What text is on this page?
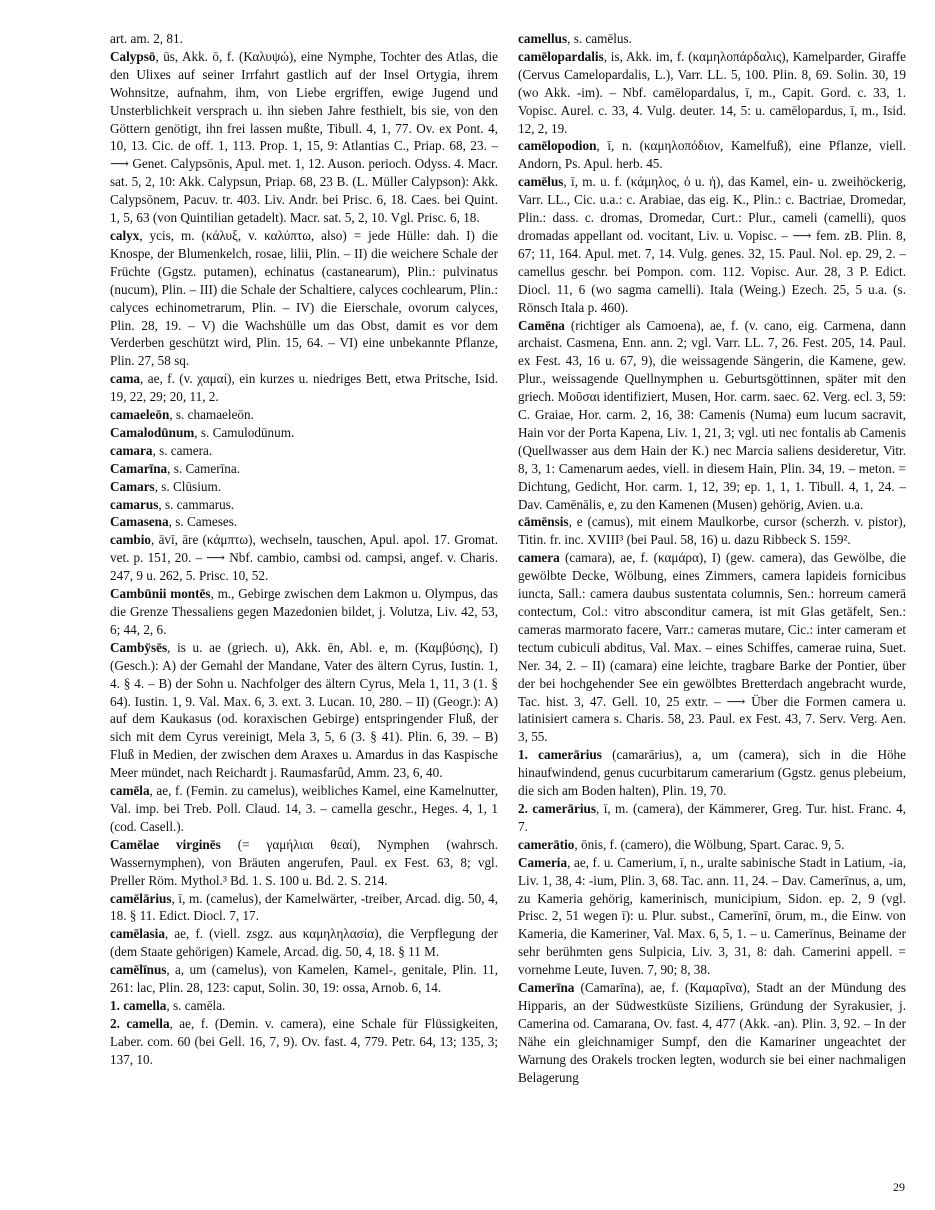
art. am. 2, 81.

Calypsō, ūs, Akk. ō, f. (Καλυψώ), eine Nymphe, Tochter des Atlas, die den Ulixes auf seiner Irrfahrt gastlich auf der Insel Ortygia, ihrem Wohnsitze, aufnahm, ihm, von Liebe ergriffen, ewige Jugend und Unsterblichkeit versprach u. ihn sieben Jahre festhielt, bis sie, von den Göttern genötigt, ihn frei lassen mußte, Tibull. 4, 1, 77. Ov. ex Pont. 4, 10, 13. Cic. de off. 1, 113. Prop. 1, 15, 9: Atlantias C., Priap. 68, 23. – ⟶ Genet. Calypsōnis, Apul. met. 1, 12. Auson. perioch. Odyss. 4. Macr. sat. 5, 2, 10: Akk. Calypsun, Priap. 68, 23 B. (L. Müller Calypson): Akk. Calypsōnem, Pacuv. tr. 403. Liv. Andr. bei Prisc. 6, 18. Caes. bei Quint. 1, 5, 63 (von Quintilian getadelt). Macr. sat. 5, 2, 10. Vgl. Prisc. 6, 18.

calyx, ycis, m. (κάλυξ, v. καλύπτω, also) = jede Hülle: dah. I) die Knospe, der Blumenkelch, rosae, lilii, Plin. – II) die weichere Schale der Früchte (Ggstz. putamen), echinatus (castanearum), Plin.: pulvinatus (nucum), Plin. – III) die Schale der Schaltiere, calyces cochlearum, Plin.: calyces echinometrarum, Plin. – IV) die Eierschale, ovorum calyces, Plin. 28, 19. – V) die Wachshülle um das Obst, damit es vor dem Verderben geschützt wird, Plin. 15, 64. – VI) eine unbekannte Pflanze, Plin. 27, 58 sq.

cama, ae, f. (v. χαμαί), ein kurzes u. niedriges Bett, etwa Pritsche, Isid. 19, 22, 29; 20, 11, 2.

camaeleōn, s. chamaeleōn.

Camalodūnum, s. Camulodūnum.

camara, s. camera.

Camarīna, s. Camerīna.

Camars, s. Clūsium.

camarus, s. cammarus.

Camasena, s. Cameses.

cambio, āvī, āre (κάμπτω), wechseln, tauschen, Apul. apol. 17. Gromat. vet. p. 151, 20. – ⟶ Nbf. cambio, cambsi od. campsi, angef. v. Charis. 247, 9 u. 262, 5. Prisc. 10, 52.

Cambūnii montēs, m., Gebirge zwischen dem Lakmon u. Olympus, das die Grenze Thessaliens gegen Mazedonien bildet, j. Volutza, Liv. 42, 53, 6; 44, 2, 6.

Cambȳsēs, is u. ae (griech. u), Akk. ēn, Abl. e, m. (Καμβύσης), I) (Gesch.): A) der Gemahl der Mandane, Vater des ältern Cyrus, Iustin. 1, 4. § 4. – B) der Sohn u. Nachfolger des ältern Cyrus, Mela 1, 11, 3 (1. § 64). Iustin. 1, 9. Val. Max. 6, 3. ext. 3. Lucan. 10, 280. – II) (Geogr.): A) auf dem Kaukasus (od. koraxischen Gebirge) entspringender Fluß, der sich mit dem Cyrus vereinigt, Mela 3, 5, 6 (3. § 41). Plin. 6, 39. – B) Fluß in Medien, der zwischen dem Araxes u. Amardus in das Kaspische Meer mündet, nach Reichardt j. Raumasfarûd, Amm. 23, 6, 40.

camēla, ae, f. (Femin. zu camelus), weibliches Kamel, eine Kamelnutter, Val. imp. bei Treb. Poll. Claud. 14, 3. – camella geschr., Heges. 4, 1, 1 (cod. Casell.).

Camēlae virginēs (= γαμήλιαι θεαί), Nymphen (wahrsch. Wassernymphen), von Bräuten angerufen, Paul. ex Fest. 63, 8; vgl. Preller Röm. Mythol.³ Bd. 1. S. 100 u. Bd. 2. S. 214.

camēlārius, ī, m. (camelus), der Kamelwärter, -treiber, Arcad. dig. 50, 4, 18. § 11. Edict. Diocl. 7, 17.

camēlasia, ae, f. (viell. zsgz. aus καμηληλασία), die Verpflegung der (dem Staate gehörigen) Kamele, Arcad. dig. 50, 4, 18. § 11 M.

camēlīnus, a, um (camelus), von Kamelen, Kamel-, genitale, Plin. 11, 261: lac, Plin. 28, 123: caput, Solin. 30, 19: ossa, Arnob. 6, 14.

1. camella, s. camēla.

2. camella, ae, f. (Demin. v. camera), eine Schale für Flüssigkeiten, Laber. com. 60 (bei Gell. 16, 7, 9). Ov. fast. 4, 779. Petr. 64, 13; 135, 3; 137, 10.

camellus, s. camēlus.

camēlopardalis, is, Akk. im, f. (καμηλοπάρδαλις), Kamelparder, Giraffe (Cervus Camelopardalis, L.), Varr. LL. 5, 100. Plin. 8, 69. Solin. 30, 19 (wo Akk. -im). – Nbf. camēlopardalus, ī, m., Capit. Gord. c. 33, 1. Vopisc. Aurel. c. 33, 4. Vulg. deuter. 14, 5: u. camēlopardus, ī, m., Isid. 12, 2, 19.

camēlopodion, ī, n. (καμηλοπόδιον, Kamelfuß), eine Pflanze, viell. Andorn, Ps. Apul. herb. 45.

camēlus, ī, m. u. f. (κάμηλος, ὁ u. ἡ), das Kamel, ein- u. zweihöckerig, Varr. LL., Cic. u.a.: c. Arabiae, das eig. K., Plin.: c. Bactriae, Dromedar, Plin.: dass. c. dromas, Dromedar, Curt.: Plur., cameli (camelli), quos dromadas appellant od. vocitant, Liv. u. Vopisc. – ⟶ fem. zB. Plin. 8, 67; 11, 164. Apul. met. 7, 14. Vulg. genes. 32, 15. Paul. Nol. ep. 29, 2. – camellus geschr. bei Pompon. com. 112. Vopisc. Aur. 28, 3 P. Edict. Diocl. 11, 6 (wo sagma camelli). Itala (Weing.) Ezech. 25, 5 u.a. (s. Rönsch Itala p. 460).

Camēna (richtiger als Camoena), ae, f. (v. cano, eig. Carmena, dann archaist. Casmena, Enn. ann. 2; vgl. Varr. LL. 7, 26. Fest. 205, 14. Paul. ex Fest. 43, 16 u. 67, 9), die weissagende Sängerin, die Kamene, gew. Plur., weissagende Quellnymphen u. Geburtsgöttinnen, später mit den griech. Μοῦσαι identifiziert, Musen, Hor. carm. saec. 62. Verg. ecl. 3, 59: C. Graiae, Hor. carm. 2, 16, 38: Camenis (Numa) eum lucum sacravit, Hain vor der Porta Kapena, Liv. 1, 21, 3; vgl. uti nec fontalis ab Camenis (Quellwasser aus dem Hain der K.) nec Marcia saliens desideretur, Vitr. 8, 3, 1: Camenarum aedes, viell. in diesem Hain, Plin. 34, 19. – meton. = Dichtung, Gedicht, Hor. carm. 1, 12, 39; ep. 1, 1, 1. Tibull. 4, 1, 24. – Dav. Camēnālis, e, zu den Kamenen (Musen) gehörig, Avien. u.a.

cāmēnsis, e (camus), mit einem Maulkorbe, cursor (scherzh. v. pistor), Titin. fr. inc. XVIII³ (bei Paul. 58, 16) u. dazu Ribbeck S. 159².

camera (camara), ae, f. (καμάρα), I) (gew. camera), das Gewölbe, die gewölbte Decke, Wölbung, eines Zimmers, camera lapideis fornicibus iuncta, Sall.: camera daubus sustentata columnis, Sen.: horreum camerā contectum, Col.: vitro absconditur camera, ist mit Glas getäfelt, Sen.: cameras marmorato facere, Varr.: cameras mutare, Cic.: inter cameram et tectum cubiculi abditus, Val. Max. – eines Schiffes, camerae ruina, Suet. Ner. 34, 2. – II) (camara) eine leichte, tragbare Barke der Pontier, über der bei hochgehender See ein gewölbtes Bretterdach angebracht wurde, Tac. hist. 3, 47. Gell. 10, 25 extr. – ⟶ Über die Formen camera u. latinisiert camera s. Charis. 58, 23. Paul. ex Fest. 43, 7. Serv. Verg. Aen. 3, 55.

1. camerārius (camarārius), a, um (camera), sich in die Höhe hinaufwindend, genus cucurbitarum camerarium (Ggstz. genus plebeium, die sich am Boden halten), Plin. 19, 70.

2. camerārius, ī, m. (camera), der Kämmerer, Greg. Tur. hist. Franc. 4, 7.

camerātio, ōnis, f. (camero), die Wölbung, Spart. Carac. 9, 5.

Cameria, ae, f. u. Camerium, ī, n., uralte sabinische Stadt in Latium, -ia, Liv. 1, 38, 4: -ium, Plin. 3, 68. Tac. ann. 11, 24. – Dav. Camerīnus, a, um, zu Kameria gehörig, kamerinisch, municipium, Sidon. ep. 2, 9 (vgl. Prisc. 2, 51 wegen ī): u. Plur. subst., Camerīnī, ōrum, m., die Einw. von Kameria, die Kameriner, Val. Max. 6, 5, 1. – u. Camerīnus, Beiname der sehr berühmten gens Sulpicia, Liv. 3, 31, 8: dah. Camerini appell. = vornehme Leute, Iuven. 7, 90; 8, 38.

Camerīna (Camarīna), ae, f. (Καμαρῖνα), Stadt an der Mündung des Hipparis, an der Südwestküste Siziliens, Gründung der Syrakusier, j. Camerina od. Camarana, Ov. fast. 4, 477 (Akk. -an). Plin. 3, 92. – In der Nähe ein gleichnamiger Sumpf, den die Kamariner ungeachtet der Warnung des Orakels trocken legten, wodurch sie bei einer nachmaligen Belagerung

29
